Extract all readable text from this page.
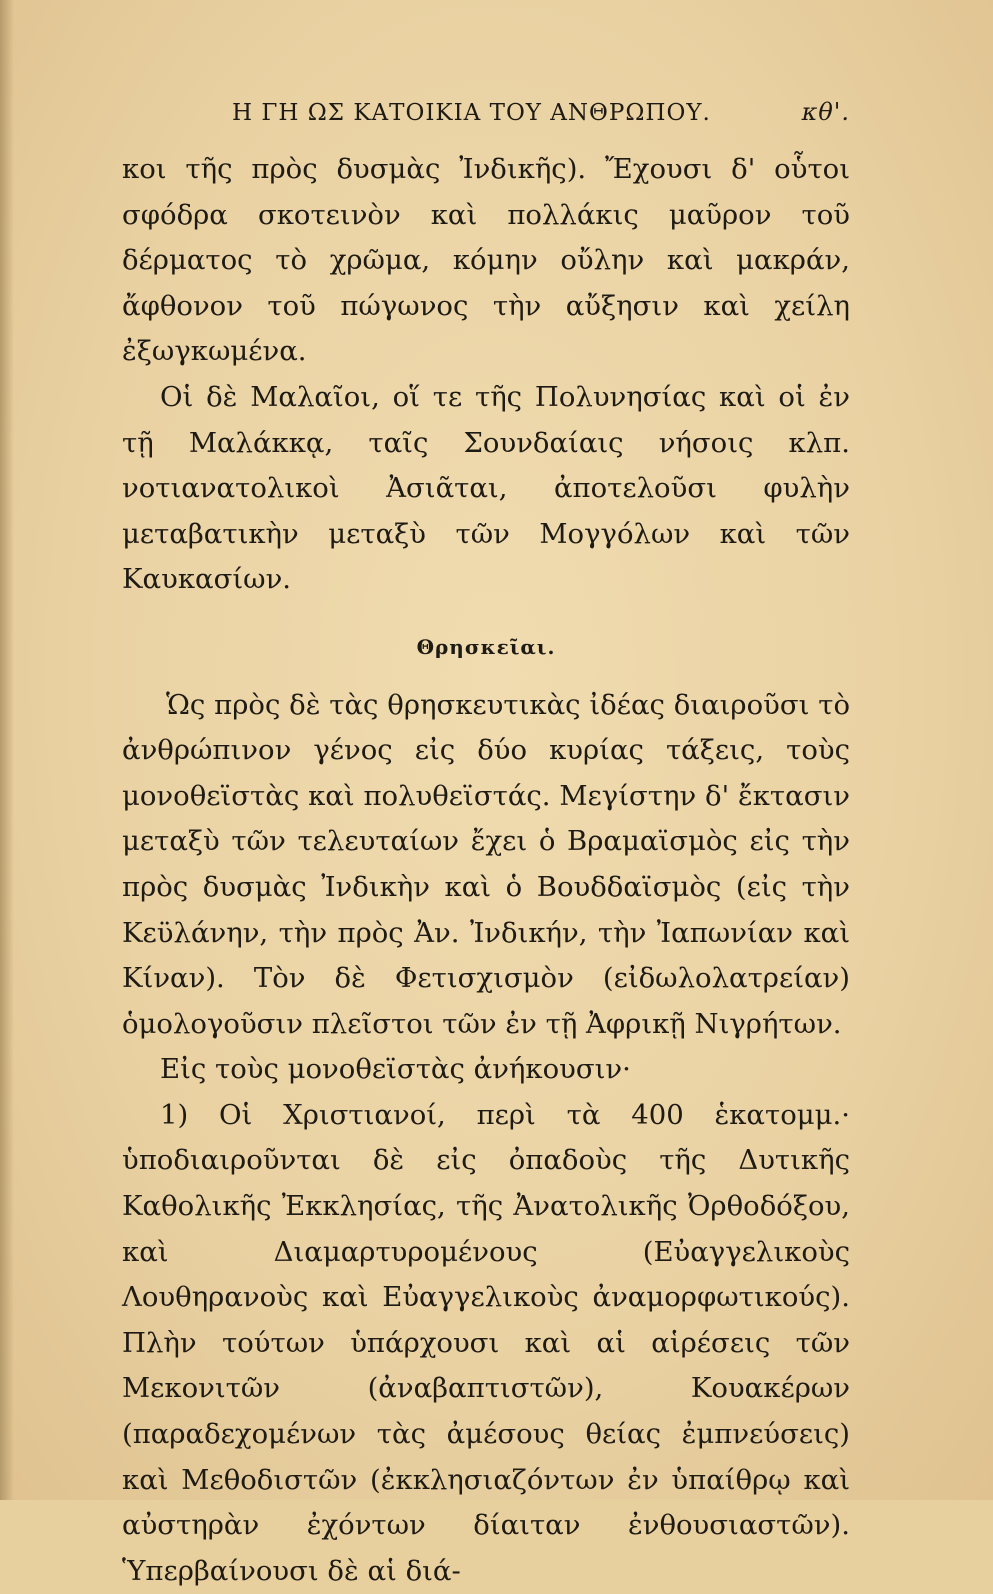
Η ΓΗ ΩΣ ΚΑΤΟΙΚΙΑ ΤΟΥ ΑΝΘΡΩΠΟΥ.	κθ'.

κοι τῆς πρὸς δυσμὰς Ἰνδικῆς). Ἔχουσι δ' οὗτοι σφόδρα σκοτεινὸν καὶ πολλάκις μαῦρον τοῦ δέρματος τὸ χρῶμα, κόμην οὔλην καὶ μακράν, ἄφθονον τοῦ πώγωνος τὴν αὔξησιν καὶ χείλη ἐξωγκωμένα.

Οἱ δὲ Μαλαῖοι, οἵ τε τῆς Πολυνησίας καὶ οἱ ἐν τῇ Μαλάκκᾳ, ταῖς Σουνδαίαις νήσοις κλπ. νοτιανατολικοὶ Ἀσιᾶται, ἀποτελοῦσι φυλὴν μεταβατικὴν μεταξὺ τῶν Μογγόλων καὶ τῶν Καυκασίων.

Θρησκεῖαι.

Ὡς πρὸς δὲ τὰς θρησκευτικὰς ἰδέας διαιροῦσι τὸ ἀνθρώπινον γένος εἰς δύο κυρίας τάξεις, τοὺς μονοθεϊστὰς καὶ πολυθεϊστάς. Μεγίστην δ' ἔκτασιν μεταξὺ τῶν τελευταίων ἔχει ὁ Βραμαϊσμὸς εἰς τὴν πρὸς δυσμὰς Ἰνδικὴν καὶ ὁ Βουδδαϊσμὸς (εἰς τὴν Κεϋλάνην, τὴν πρὸς Ἀν. Ἰνδικήν, τὴν Ἰαπωνίαν καὶ Κίναν). Τὸν δὲ Φετισχισμὸν (εἰδωλολατρείαν) ὁμολογοῦσιν πλεῖστοι τῶν ἐν τῇ Ἀφρικῇ Νιγρήτων.

Εἰς τοὺς μονοθεϊστὰς ἀνήκουσιν·

1) Οἱ Χριστιανοί, περὶ τὰ 400 ἑκατομμ.· ὑποδιαιροῦνται δὲ εἰς ὀπαδοὺς τῆς Δυτικῆς Καθολικῆς Ἐκκλησίας, τῆς Ἀνατολικῆς Ὀρθοδόξου, καὶ Διαμαρτυρομένους (Εὐαγγελικοὺς Λουθηρανοὺς καὶ Εὐαγγελικοὺς ἀναμορφωτικούς). Πλὴν τούτων ὑπάρχουσι καὶ αἱ αἱρέσεις τῶν Μεκονιτῶν (ἀναβαπτιστῶν), Κουακέρων (παραδεχομένων τὰς ἀμέσους θείας ἐμπνεύσεις) καὶ Μεθοδιστῶν (ἐκκλησιαζόντων ἐν ὑπαίθρῳ καὶ αὐστηρὰν ἐχόντων δίαιταν ἐνθουσιαστῶν). Ὑπερβαίνουσι δὲ αἱ διά-
